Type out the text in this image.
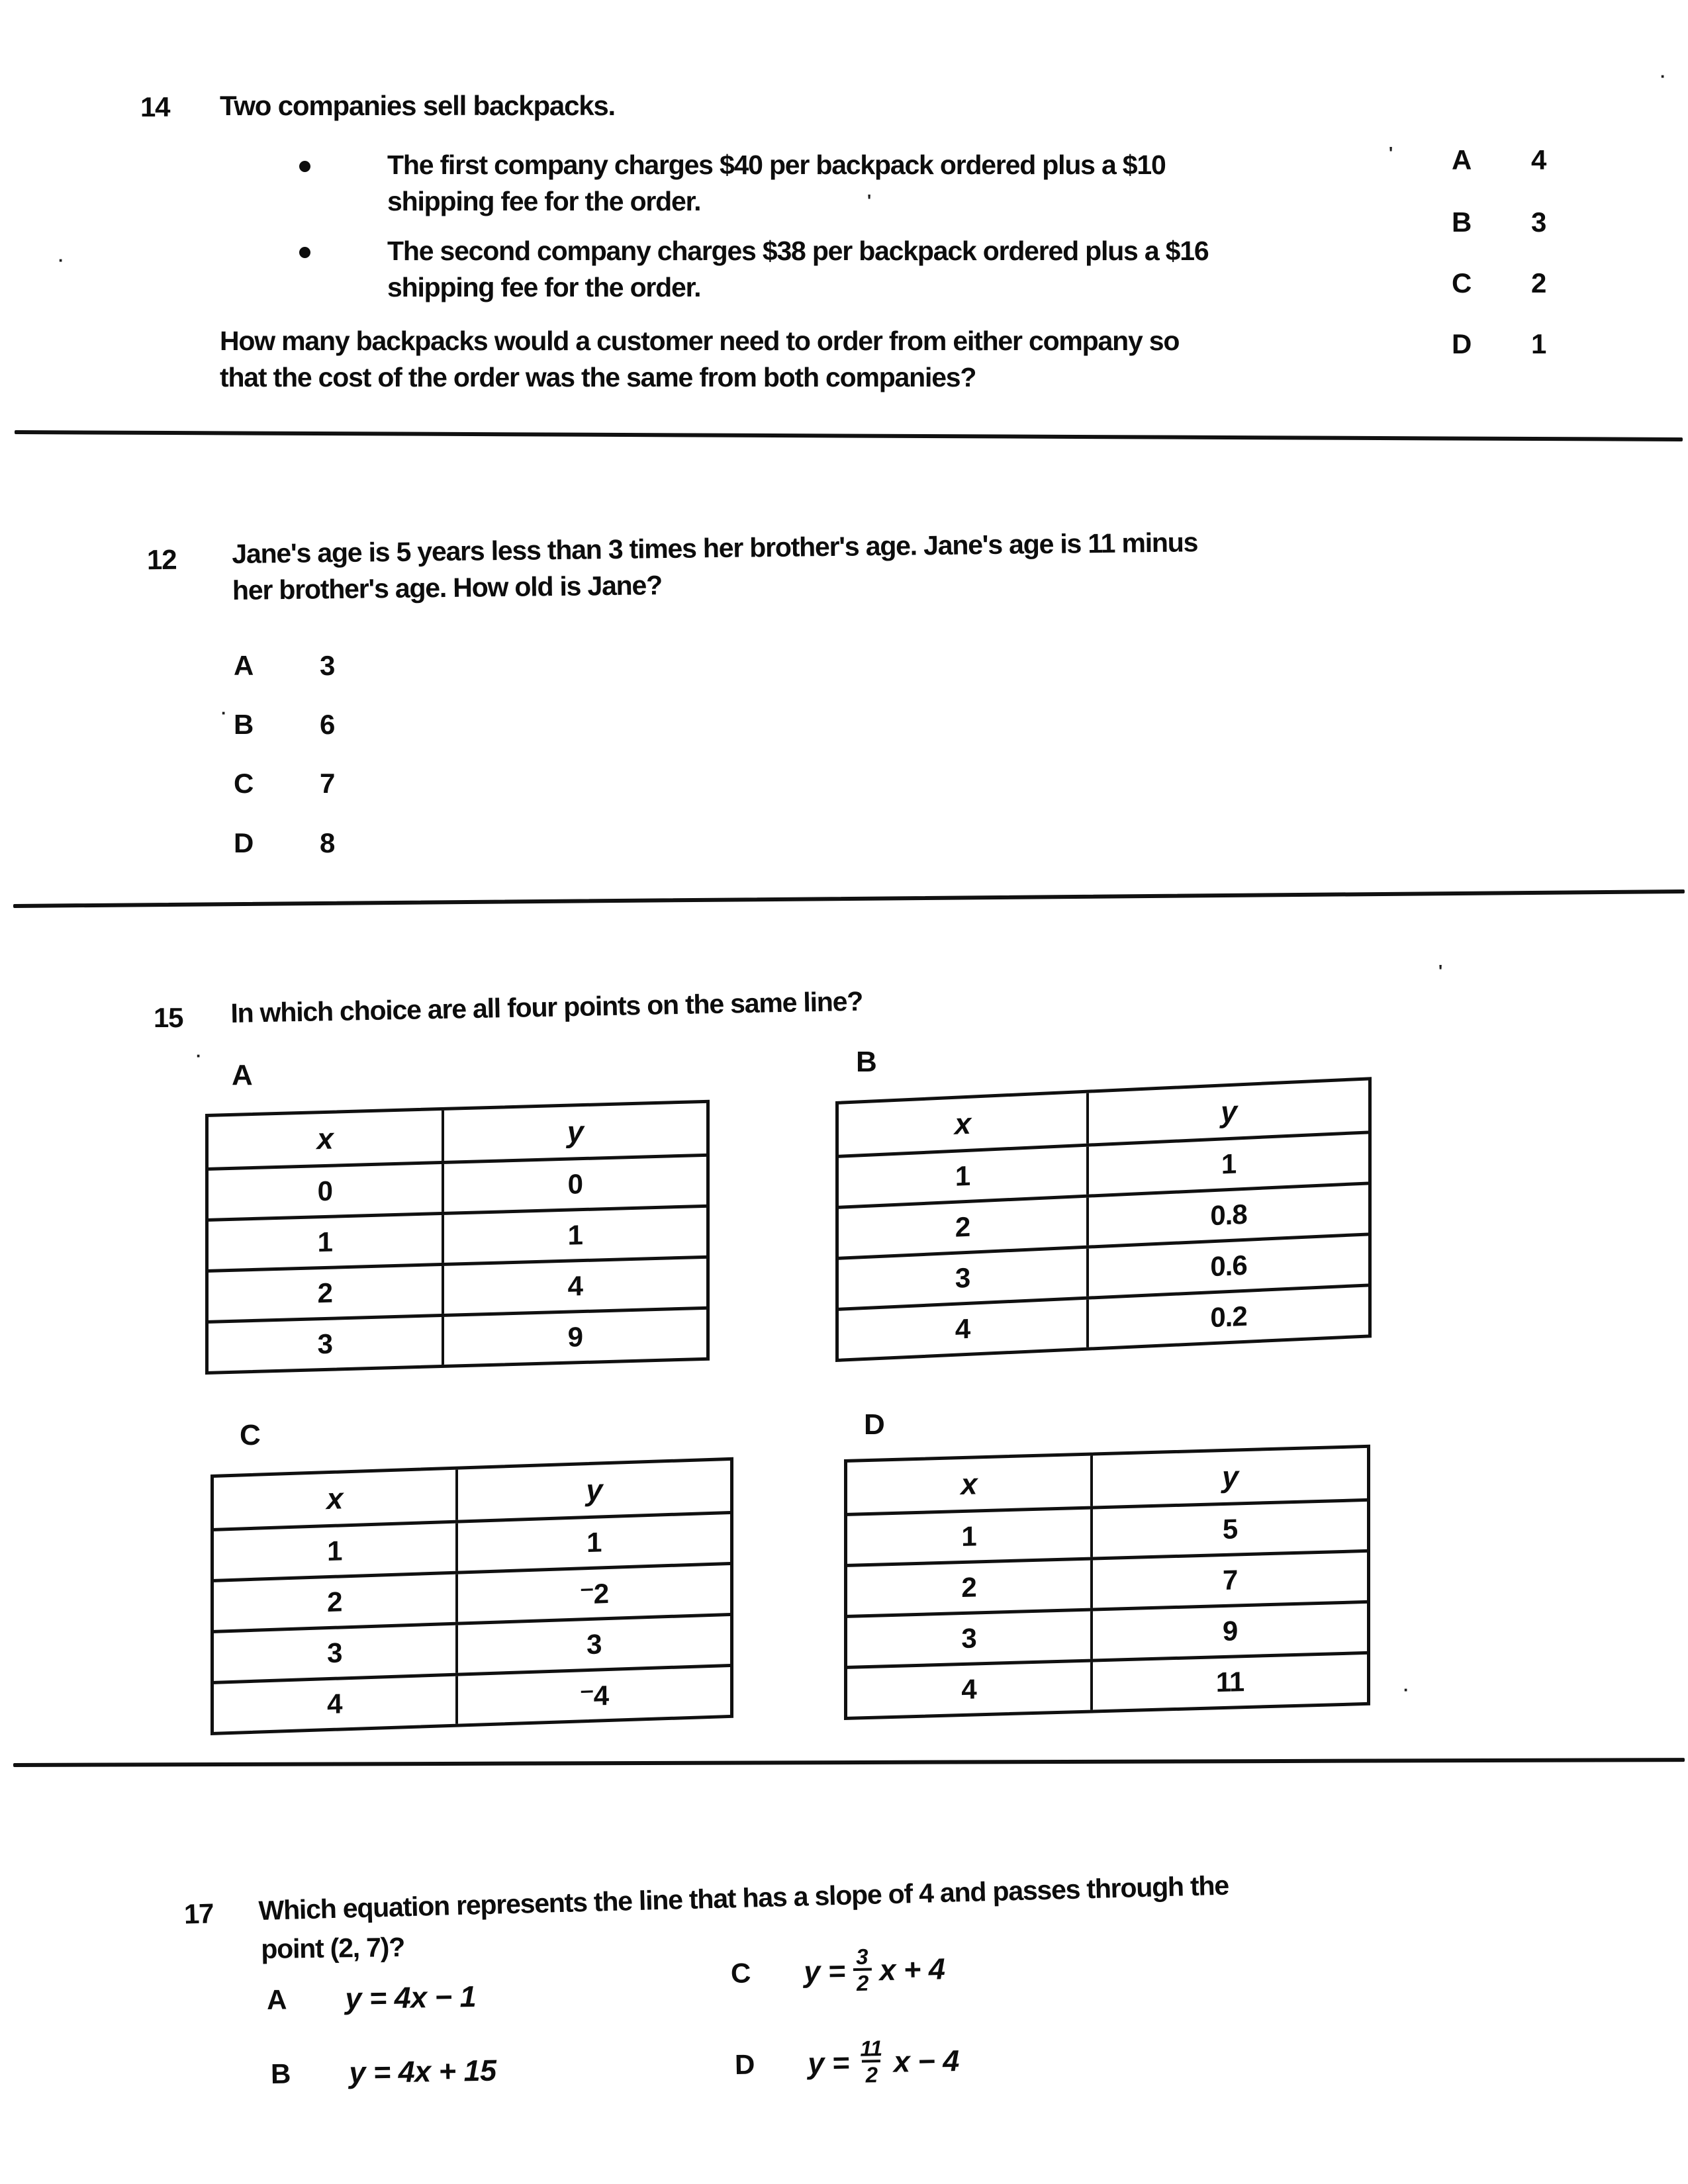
14 Two companies sell backpacks.
The first company charges $40 per backpack ordered plus a $10
shipping fee for the order.
The second company charges $38 per backpack ordered plus a $16
shipping fee for the order.
How many backpacks would a customer need to order from either company so
that the cost of the order was the same from both companies?
A 4
B 3
C 2
D 1
12 Jane's age is 5 years less than 3 times her brother's age. Jane's age is 11 minus
her brother's age. How old is Jane?
A 3
B 6
C 7
D 8
15 In which choice are all four points on the same line?
A
x	y
0	0
1	1
2	4
3	9
B
x	y
1	1
2	0.8
3	0.6
4	0.2
C
x	y
1	1
2	⁻2
3	3
4	⁻4
D
x	y
1	5
2	7
3	9
4	11
17 Which equation represents the line that has a slope of 4 and passes through the
point (2, 7)?
A y = 4x − 1
B y = 4x + 15
C $y = \frac{3}{2}$ x + 4
D $y = \frac{11}{2}$ x − 4
'
'
·
·
'
·
·
·
